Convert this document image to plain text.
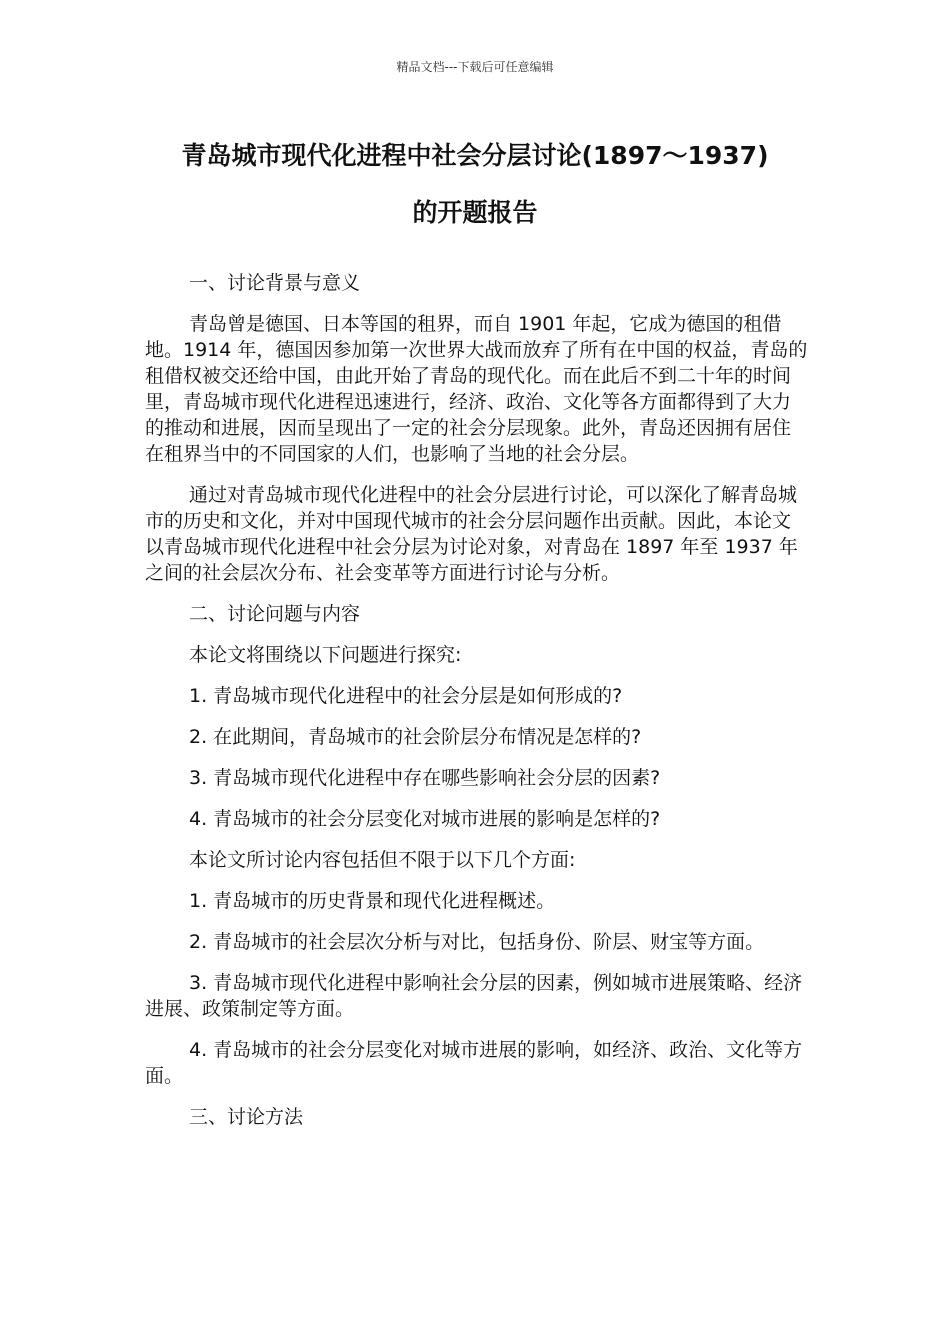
精品文档---下载后可任意编辑
青岛城市现代化进程中社会分层讨论(1897～1937)
的开题报告

一、讨论背景与意义

青岛曾是德国、日本等国的租界，而自 1901 年起，它成为德国的租借地。1914 年，德国因参加第一次世界大战而放弃了所有在中国的权益，青岛的租借权被交还给中国，由此开始了青岛的现代化。而在此后不到二十年的时间里，青岛城市现代化进程迅速进行，经济、政治、文化等各方面都得到了大力的推动和进展，因而呈现出了一定的社会分层现象。此外，青岛还因拥有居住在租界当中的不同国家的人们，也影响了当地的社会分层。

通过对青岛城市现代化进程中的社会分层进行讨论，可以深化了解青岛城市的历史和文化，并对中国现代城市的社会分层问题作出贡献。因此，本论文以青岛城市现代化进程中社会分层为讨论对象，对青岛在 1897 年至 1937 年之间的社会层次分布、社会变革等方面进行讨论与分析。

二、讨论问题与内容

本论文将围绕以下问题进行探究:

1. 青岛城市现代化进程中的社会分层是如何形成的?

2. 在此期间，青岛城市的社会阶层分布情况是怎样的?

3. 青岛城市现代化进程中存在哪些影响社会分层的因素?

4. 青岛城市的社会分层变化对城市进展的影响是怎样的?

本论文所讨论内容包括但不限于以下几个方面:

1. 青岛城市的历史背景和现代化进程概述。

2. 青岛城市的社会层次分析与对比，包括身份、阶层、财宝等方面。

3. 青岛城市现代化进程中影响社会分层的因素，例如城市进展策略、经济进展、政策制定等方面。

4. 青岛城市的社会分层变化对城市进展的影响，如经济、政治、文化等方面。

三、讨论方法
